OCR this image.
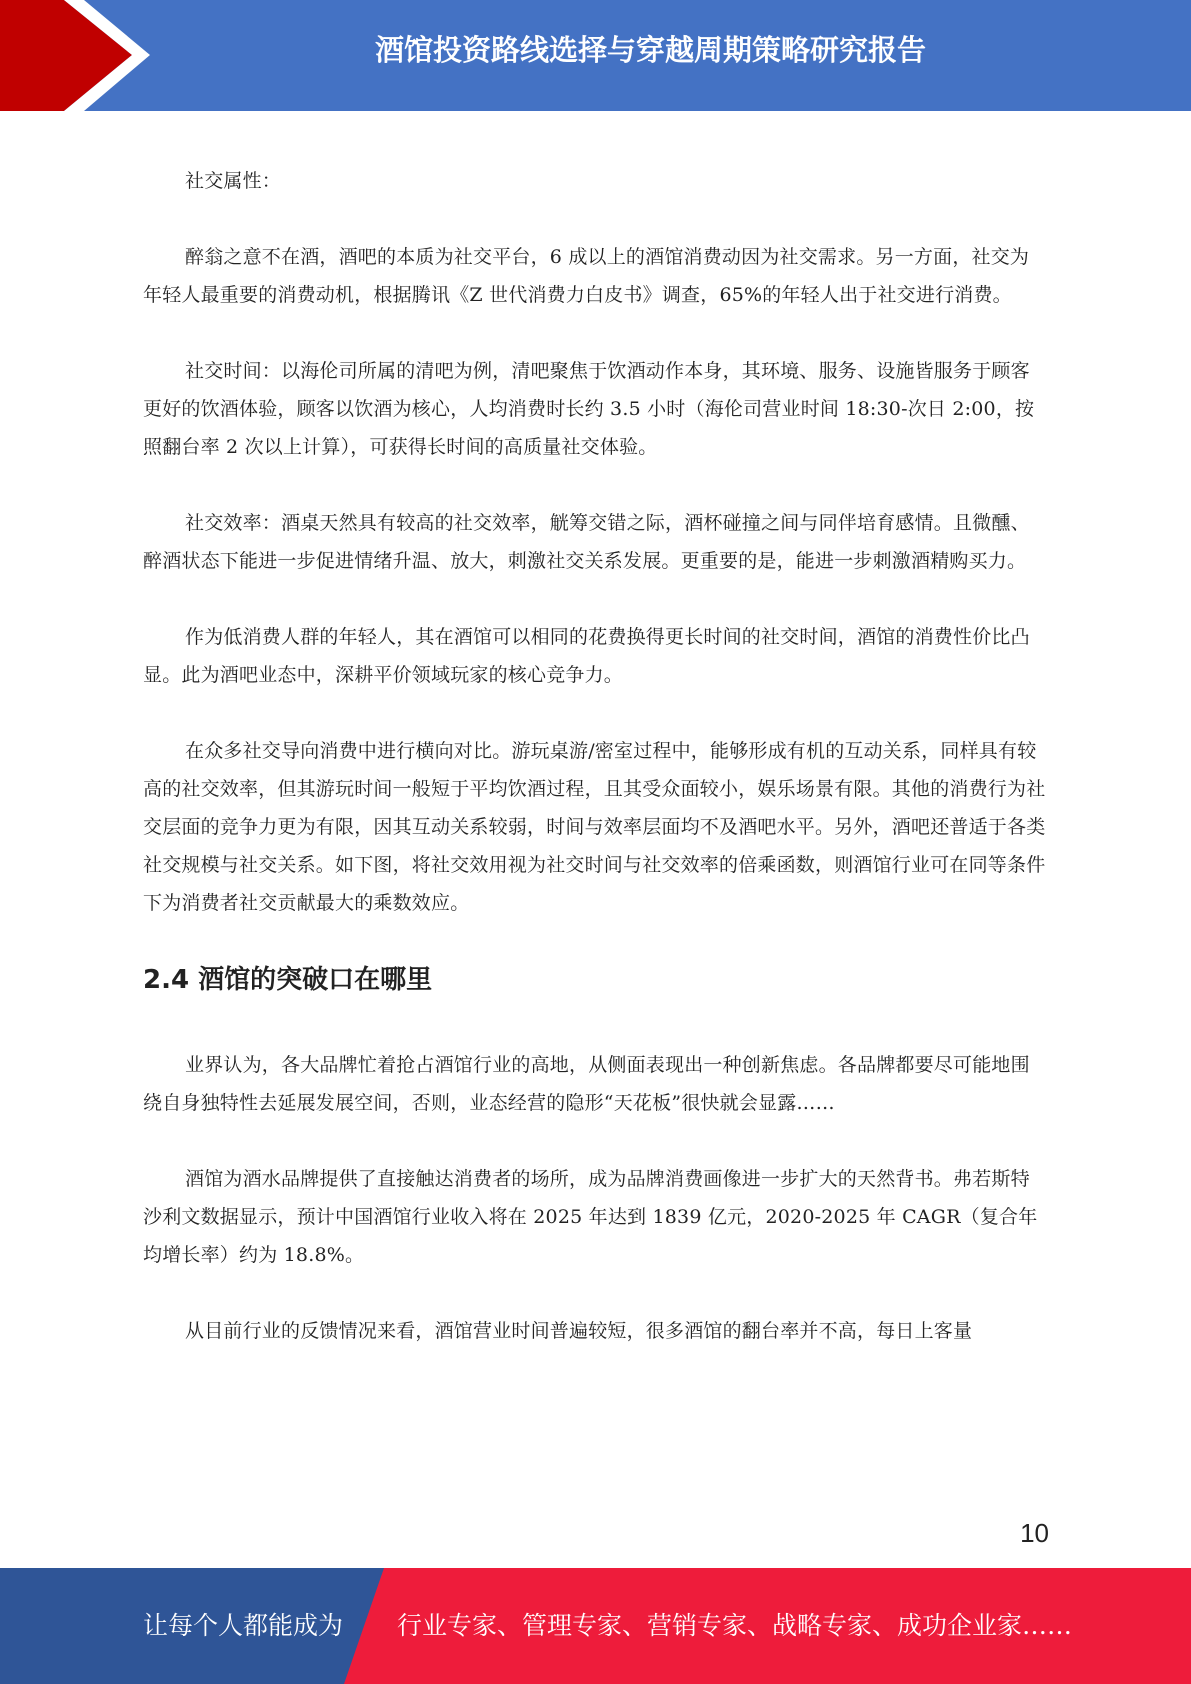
酒馆投资路线选择与穿越周期策略研究报告

社交属性：

醉翁之意不在酒，酒吧的本质为社交平台，6 成以上的酒馆消费动因为社交需求。另一方面，社交为年轻人最重要的消费动机，根据腾讯《Z 世代消费力白皮书》调查，65%的年轻人出于社交进行消费。

社交时间：以海伦司所属的清吧为例，清吧聚焦于饮酒动作本身，其环境、服务、设施皆服务于顾客更好的饮酒体验，顾客以饮酒为核心，人均消费时长约 3.5 小时（海伦司营业时间 18:30-次日 2:00，按照翻台率 2 次以上计算），可获得长时间的高质量社交体验。

社交效率：酒桌天然具有较高的社交效率，觥筹交错之际，酒杯碰撞之间与同伴培育感情。且微醺、醉酒状态下能进一步促进情绪升温、放大，刺激社交关系发展。更重要的是，能进一步刺激酒精购买力。

作为低消费人群的年轻人，其在酒馆可以相同的花费换得更长时间的社交时间，酒馆的消费性价比凸显。此为酒吧业态中，深耕平价领域玩家的核心竞争力。

在众多社交导向消费中进行横向对比。游玩桌游/密室过程中，能够形成有机的互动关系，同样具有较高的社交效率，但其游玩时间一般短于平均饮酒过程，且其受众面较小，娱乐场景有限。其他的消费行为社交层面的竞争力更为有限，因其互动关系较弱，时间与效率层面均不及酒吧水平。另外，酒吧还普适于各类社交规模与社交关系。如下图，将社交效用视为社交时间与社交效率的倍乘函数，则酒馆行业可在同等条件下为消费者社交贡献最大的乘数效应。

2.4 酒馆的突破口在哪里

业界认为，各大品牌忙着抢占酒馆行业的高地，从侧面表现出一种创新焦虑。各品牌都要尽可能地围绕自身独特性去延展发展空间，否则，业态经营的隐形“天花板”很快就会显露……

酒馆为酒水品牌提供了直接触达消费者的场所，成为品牌消费画像进一步扩大的天然背书。弗若斯特沙利文数据显示，预计中国酒馆行业收入将在 2025 年达到 1839 亿元，2020-2025 年 CAGR（复合年均增长率）约为 18.8%。

从目前行业的反馈情况来看，酒馆营业时间普遍较短，很多酒馆的翻台率并不高，每日上客量

10
让每个人都能成为 行业专家、管理专家、营销专家、战略专家、成功企业家……
